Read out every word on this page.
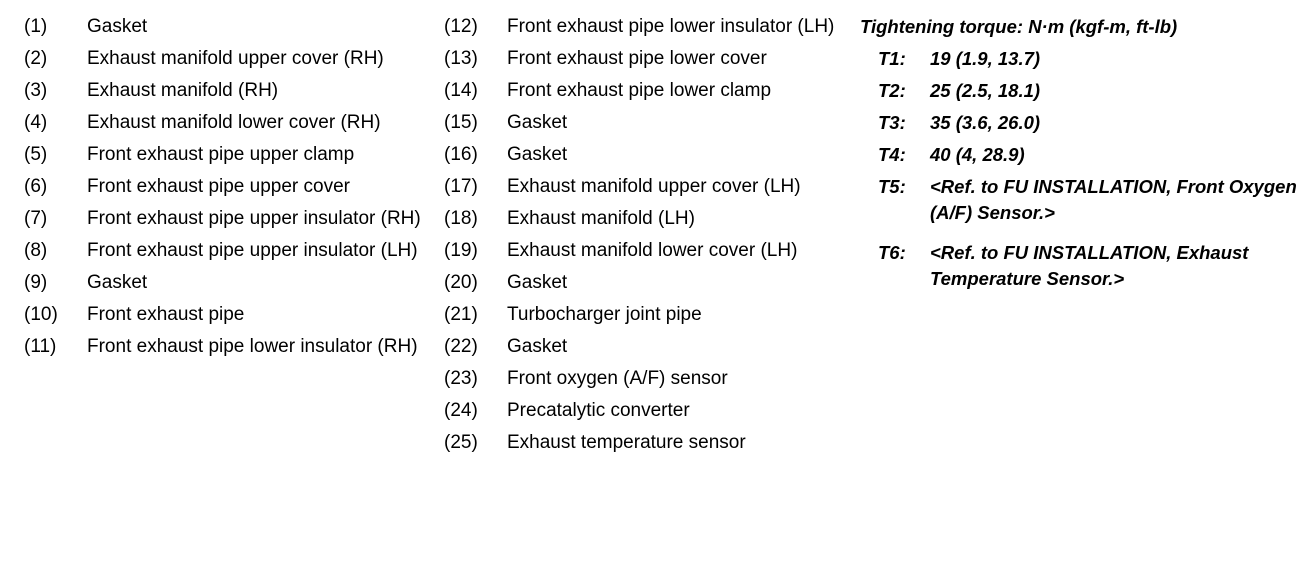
(1)	Gasket
(2)	Exhaust manifold upper cover (RH)
(3)	Exhaust manifold (RH)
(4)	Exhaust manifold lower cover (RH)
(5)	Front exhaust pipe upper clamp
(6)	Front exhaust pipe upper cover
(7)	Front exhaust pipe upper insulator (RH)
(8)	Front exhaust pipe upper insulator (LH)
(9)	Gasket
(10)	Front exhaust pipe
(11)	Front exhaust pipe lower insulator (RH)
(12)	Front exhaust pipe lower insulator (LH)
(13)	Front exhaust pipe lower cover
(14)	Front exhaust pipe lower clamp
(15)	Gasket
(16)	Gasket
(17)	Exhaust manifold upper cover (LH)
(18)	Exhaust manifold (LH)
(19)	Exhaust manifold lower cover (LH)
(20)	Gasket
(21)	Turbocharger joint pipe
(22)	Gasket
(23)	Front oxygen (A/F) sensor
(24)	Precatalytic converter
(25)	Exhaust temperature sensor
Tightening torque: N·m (kgf-m, ft-lb)
T1:	19 (1.9, 13.7)
T2:	25 (2.5, 18.1)
T3:	35 (3.6, 26.0)
T4:	40 (4, 28.9)
T5:	<Ref. to FU INSTALLATION, Front Oxygen (A/F) Sensor.>
T6:	<Ref. to FU INSTALLATION, Exhaust Temperature Sensor.>
